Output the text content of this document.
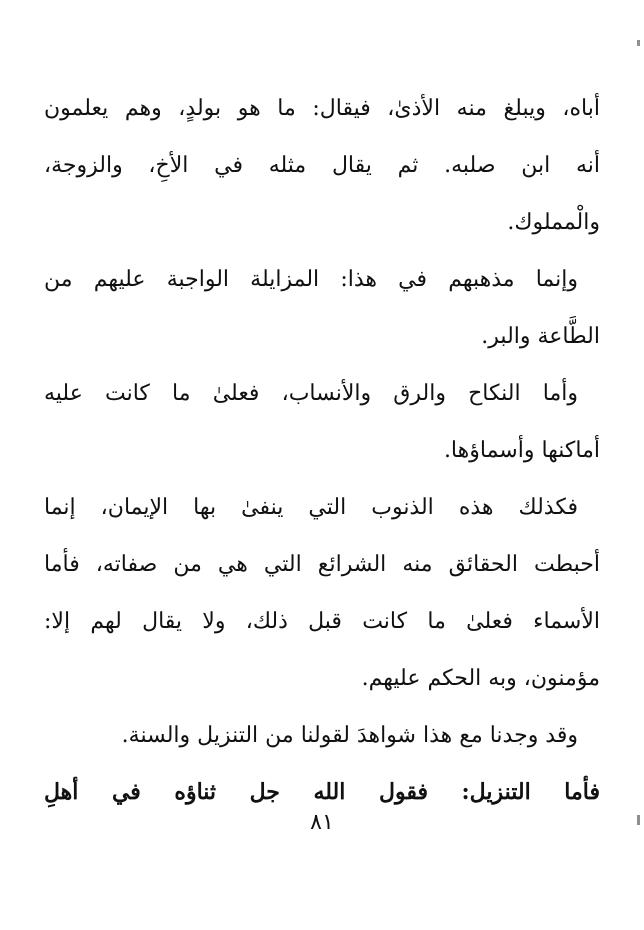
أباه، ويبلغ منه الأذىٰ، فيقال: ما هو بولدٍ، وهم يعلمون
أنه ابن صلبه. ثم يقال مثله في الأخِ، والزوجة،
والْمملوك.
وإنما مذهبهم في هذا: المزايلة الواجبة عليهم من
الطَّاعة والبر.
وأما النكاح والرق والأنساب، فعلىٰ ما كانت عليه
أماكنها وأسماؤها.
فكذلك هذه الذنوب التي ينفىٰ بها الإيمان، إنما
أحبطت الحقائق منه الشرائع التي هي من صفاته، فأما
الأسماء فعلىٰ ما كانت قبل ذلك، ولا يقال لهم إلا:
مؤمنون، وبه الحكم عليهم.
وقد وجدنا مع هذا شواهدَ لقولنا من التنزيل والسنة.
فأما التنزيل: فقول الله جل ثناؤه في أهلِ
٨١
